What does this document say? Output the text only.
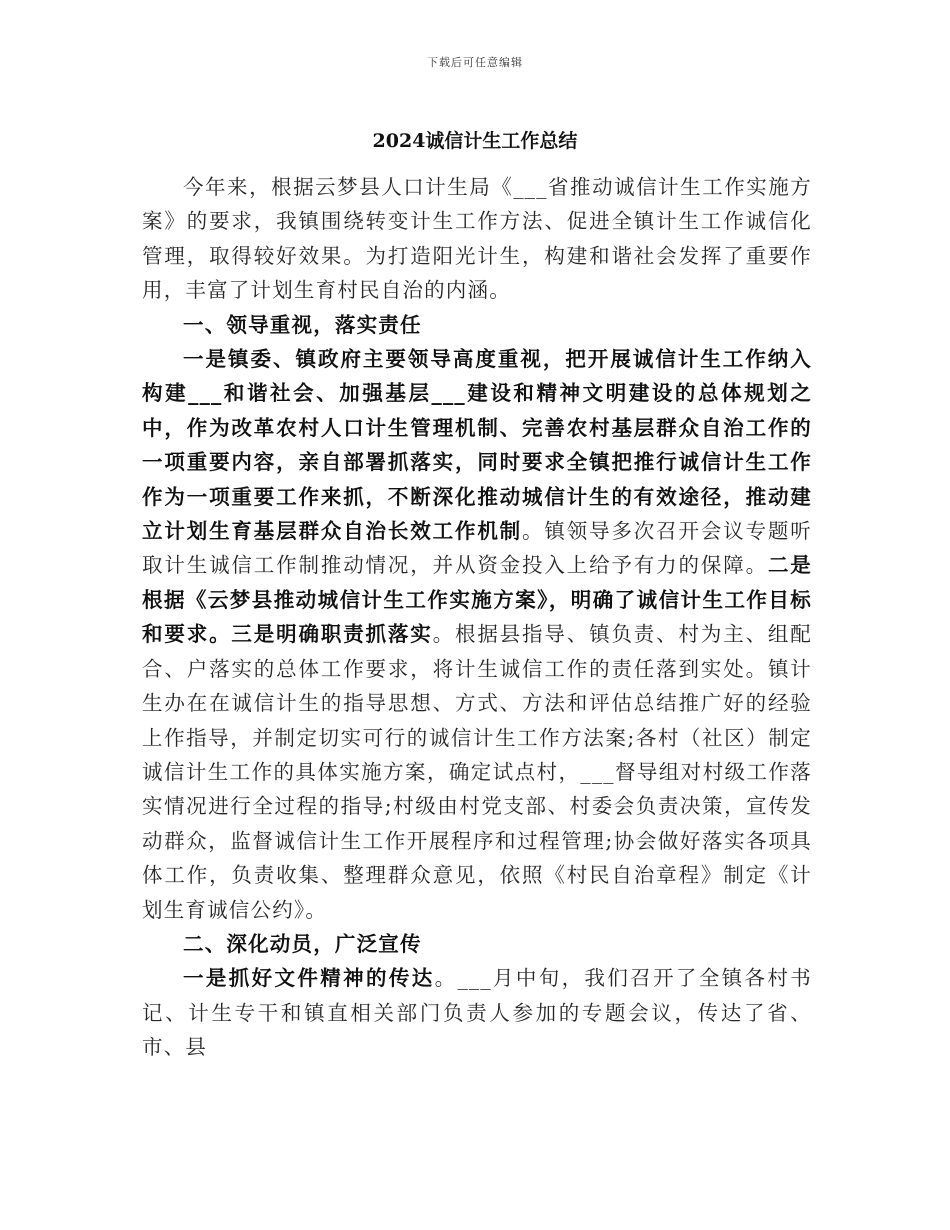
下载后可任意编辑
2024诚信计生工作总结

今年来，根据云梦县人口计生局《___省推动诚信计生工作实施方案》的要求，我镇围绕转变计生工作方法、促进全镇计生工作诚信化管理，取得较好效果。为打造阳光计生，构建和谐社会发挥了重要作用，丰富了计划生育村民自治的内涵。

一、领导重视，落实责任

一是镇委、镇政府主要领导高度重视，把开展诚信计生工作纳入构建___和谐社会、加强基层___建设和精神文明建设的总体规划之中，作为改革农村人口计生管理机制、完善农村基层群众自治工作的一项重要内容，亲自部署抓落实，同时要求全镇把推行诚信计生工作作为一项重要工作来抓，不断深化推动城信计生的有效途径，推动建立计划生育基层群众自治长效工作机制。镇领导多次召开会议专题听取计生诚信工作制推动情况，并从资金投入上给予有力的保障。二是根据《云梦县推动城信计生工作实施方案》，明确了诚信计生工作目标和要求。三是明确职责抓落实。根据县指导、镇负责、村为主、组配合、户落实的总体工作要求，将计生诚信工作的责任落到实处。镇计生办在在诚信计生的指导思想、方式、方法和评估总结推广好的经验上作指导，并制定切实可行的诚信计生工作方法案;各村（社区）制定诚信计生工作的具体实施方案，确定试点村，___督导组对村级工作落实情况进行全过程的指导;村级由村党支部、村委会负责决策，宣传发动群众，监督诚信计生工作开展程序和过程管理;协会做好落实各项具体工作，负责收集、整理群众意见，依照《村民自治章程》制定《计划生育诚信公约》。

二、深化动员，广泛宣传

一是抓好文件精神的传达。___月中旬，我们召开了全镇各村书记、计生专干和镇直相关部门负责人参加的专题会议，传达了省、市、县
